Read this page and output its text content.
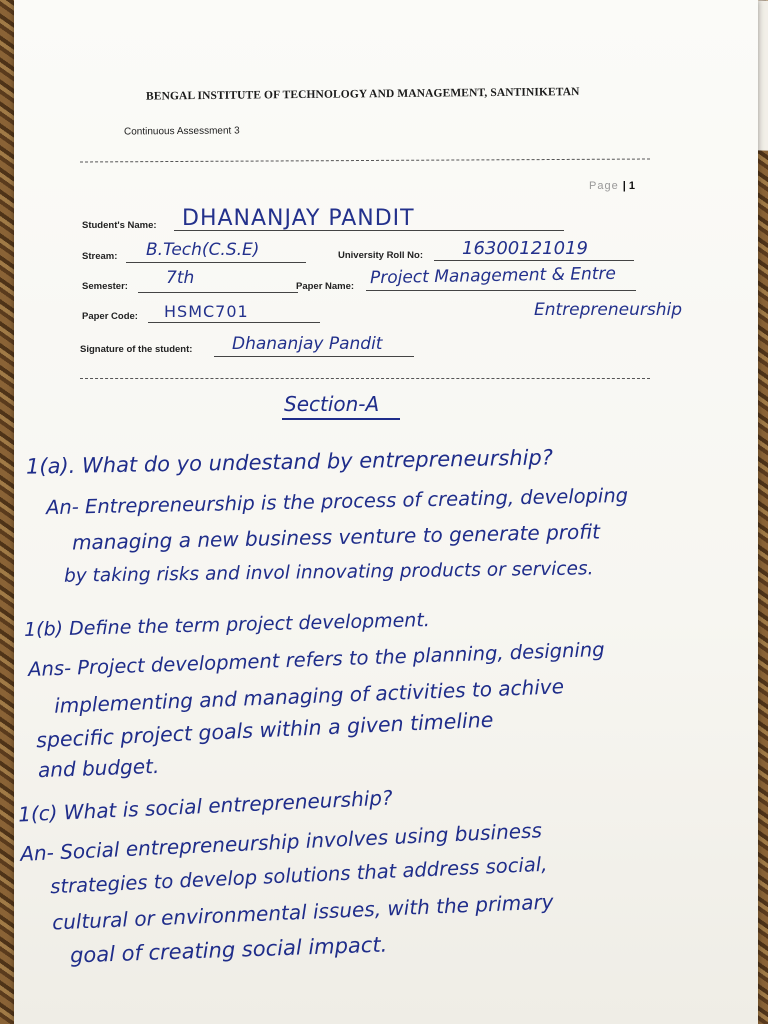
BENGAL INSTITUTE OF TECHNOLOGY AND MANAGEMENT, SANTINIKETAN
Continuous Assessment 3
Page | 1
Student's Name: DHANANJAY PANDIT
Stream: B.Tech(C.S.E)	University Roll No: 16300121019
Semester: 7th	Paper Name: Project Management & Entre
Entrepreneurship
Paper Code: HSMC701
Signature of the student: Dhananjay Pandit
Section-A
1(a). What do yo undestand by entrepreneurship?
An- Entrepreneurship is the process of creating, developing
managing a new business venture to generate profit
by taking risks and invol innovating products or services.
1(b) Define the term project development.
Ans- Project development refers to the planning, designing
implementing and managing of activities to achive
specific project goals within a given timeline
and budget.
1(c) What is social entrepreneurship?
An- Social entrepreneurship involves using business
strategies to develop solutions that address social,
cultural or environmental issues, with the primary
goal of creating social impact.
